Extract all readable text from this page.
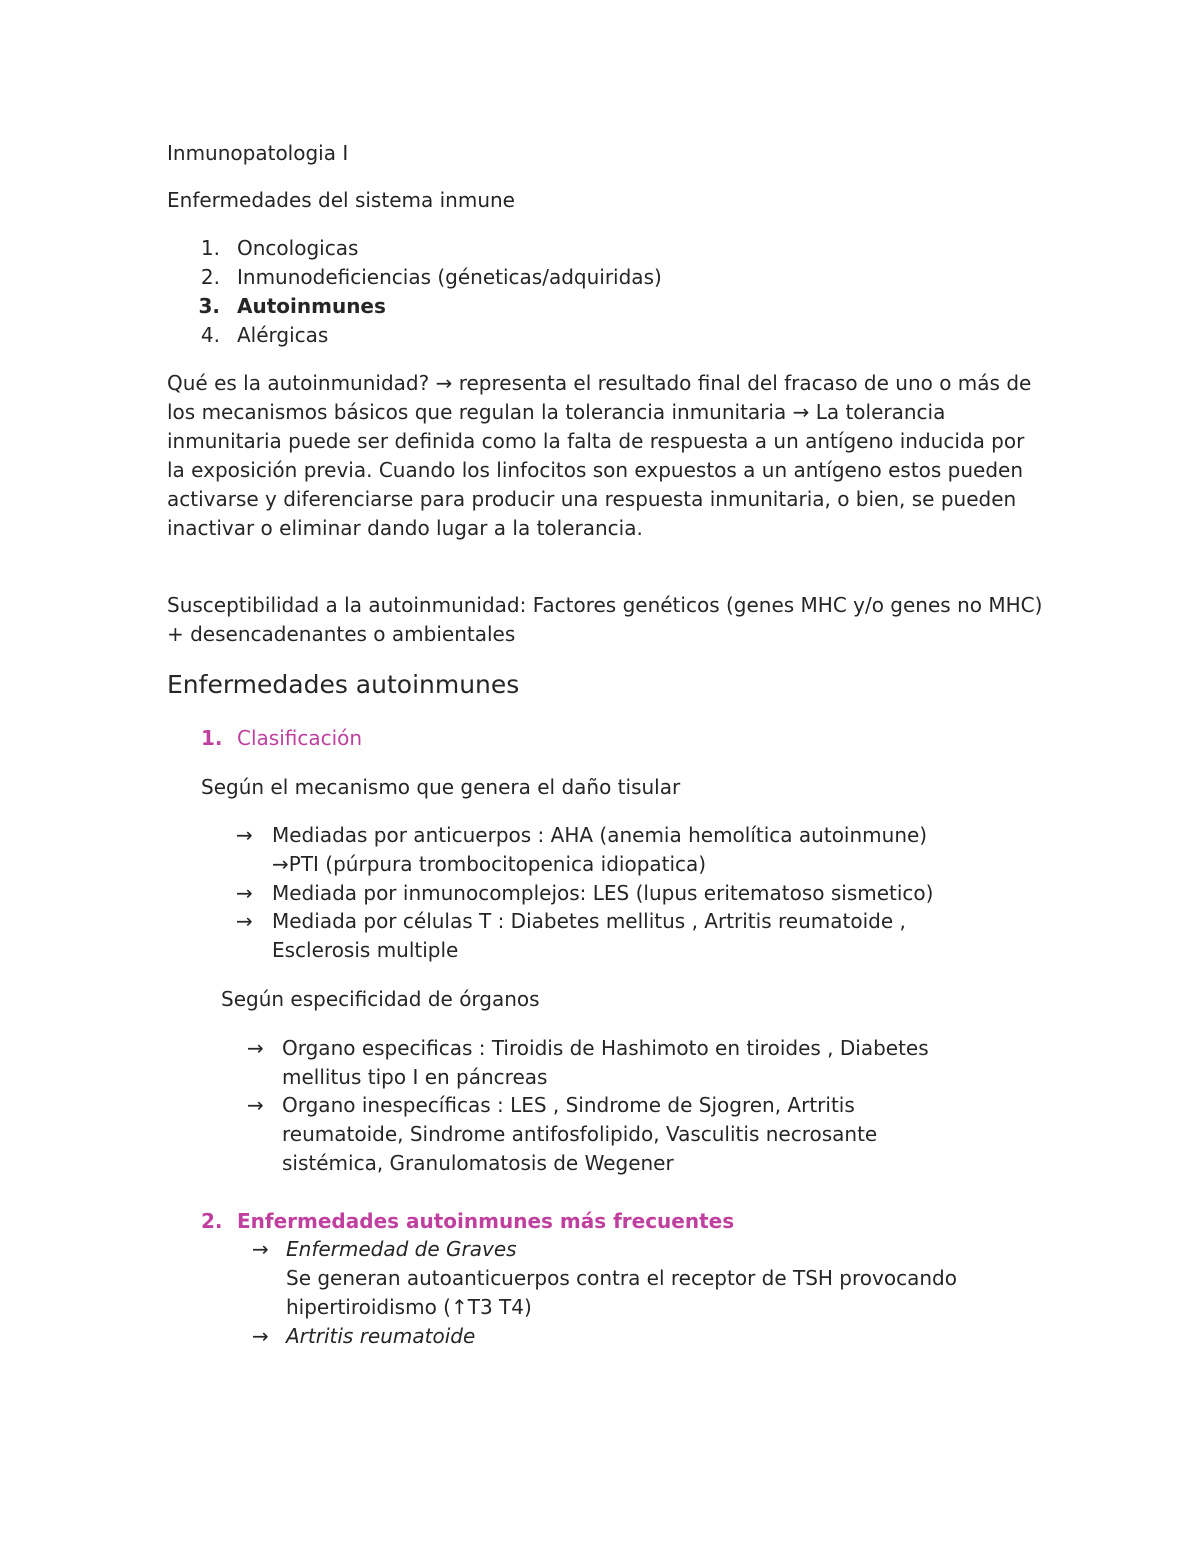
Inmunopatologia I
Enfermedades del sistema inmune
1. Oncologicas
2. Inmunodeficiencias (géneticas/adquiridas)
3. Autoinmunes
4. Alérgicas
Qué es la autoinmunidad? → representa el resultado final del fracaso de uno o más de los mecanismos básicos que regulan la tolerancia inmunitaria → La tolerancia inmunitaria puede ser definida como la falta de respuesta a un antígeno inducida por la exposición previa. Cuando los linfocitos son expuestos a un antígeno estos pueden activarse y diferenciarse para producir una respuesta inmunitaria, o bien, se pueden inactivar o eliminar dando lugar a la tolerancia.
Susceptibilidad a la autoinmunidad: Factores genéticos (genes MHC y/o genes no MHC) + desencadenantes o ambientales
Enfermedades autoinmunes
1. Clasificación
Según el mecanismo que genera el daño tisular
→ Mediadas por anticuerpos : AHA (anemia hemolítica autoinmune)
→PTI (púrpura trombocitopenica idiopatica)
→ Mediada por inmunocomplejos: LES (lupus eritematoso sismetico)
→ Mediada por células T : Diabetes mellitus , Artritis reumatoide ,
Esclerosis multiple
Según especificidad de órganos
→ Organo especificas : Tiroidis de Hashimoto en tiroides , Diabetes
mellitus tipo I en páncreas
→ Organo inespecíficas : LES , Sindrome de Sjogren, Artritis
reumatoide, Sindrome antifosfolipido, Vasculitis necrosante
sistémica, Granulomatosis de Wegener
2. Enfermedades autoinmunes más frecuentes
→ Enfermedad de Graves
Se generan autoanticuerpos contra el receptor de TSH provocando
hipertiroidismo (↑T3 T4)
→ Artritis reumatoide
